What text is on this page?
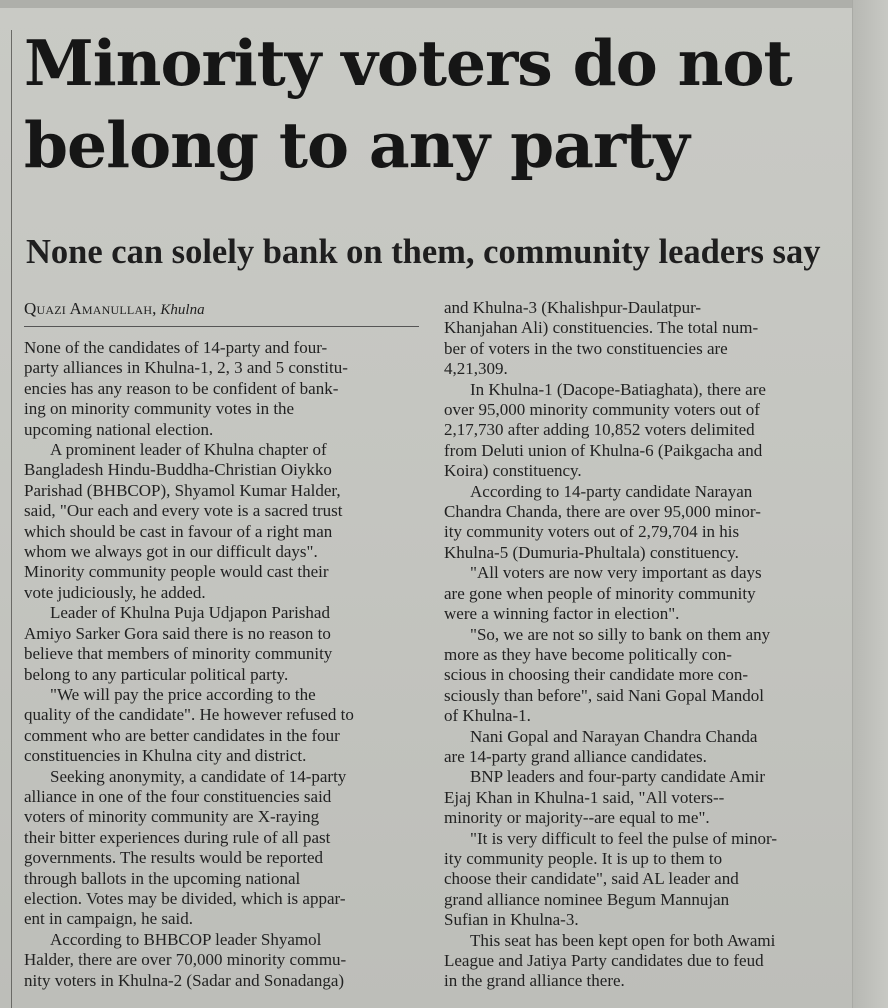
Minority voters do not
belong to any party
None can solely bank on them, community leaders say
Quazi Amanullah, Khulna
None of the candidates of 14-party and four-
party alliances in Khulna-1, 2, 3 and 5 constitu-
encies has any reason to be confident of bank-
ing on minority community votes in the
upcoming national election.
A prominent leader of Khulna chapter of
Bangladesh Hindu-Buddha-Christian Oiykko
Parishad (BHBCOP), Shyamol Kumar Halder,
said, "Our each and every vote is a sacred trust
which should be cast in favour of a right man
whom we always got in our difficult days".
Minority community people would cast their
vote judiciously, he added.
Leader of Khulna Puja Udjapon Parishad
Amiyo Sarker Gora said there is no reason to
believe that members of minority community
belong to any particular political party.
"We will pay the price according to the
quality of the candidate". He however refused to
comment who are better candidates in the four
constituencies in Khulna city and district.
Seeking anonymity, a candidate of 14-party
alliance in one of the four constituencies said
voters of minority community are X-raying
their bitter experiences during rule of all past
governments. The results would be reported
through ballots in the upcoming national
election. Votes may be divided, which is appar-
ent in campaign, he said.
According to BHBCOP leader Shyamol
Halder, there are over 70,000 minority commu-
nity voters in Khulna-2 (Sadar and Sonadanga)
and Khulna-3 (Khalishpur-Daulatpur-
Khanjahan Ali) constituencies. The total num-
ber of voters in the two constituencies are
4,21,309.
In Khulna-1 (Dacope-Batiaghata), there are
over 95,000 minority community voters out of
2,17,730 after adding 10,852 voters delimited
from Deluti union of Khulna-6 (Paikgacha and
Koira) constituency.
According to 14-party candidate Narayan
Chandra Chanda, there are over 95,000 minor-
ity community voters out of 2,79,704 in his
Khulna-5 (Dumuria-Phultala) constituency.
"All voters are now very important as days
are gone when people of minority community
were a winning factor in election".
"So, we are not so silly to bank on them any
more as they have become politically con-
scious in choosing their candidate more con-
sciously than before", said Nani Gopal Mandol
of Khulna-1.
Nani Gopal and Narayan Chandra Chanda
are 14-party grand alliance candidates.
BNP leaders and four-party candidate Amir
Ejaj Khan in Khulna-1 said, "All voters--
minority or majority--are equal to me".
"It is very difficult to feel the pulse of minor-
ity community people. It is up to them to
choose their candidate", said AL leader and
grand alliance nominee Begum Mannujan
Sufian in Khulna-3.
This seat has been kept open for both Awami
League and Jatiya Party candidates due to feud
in the grand alliance there.
